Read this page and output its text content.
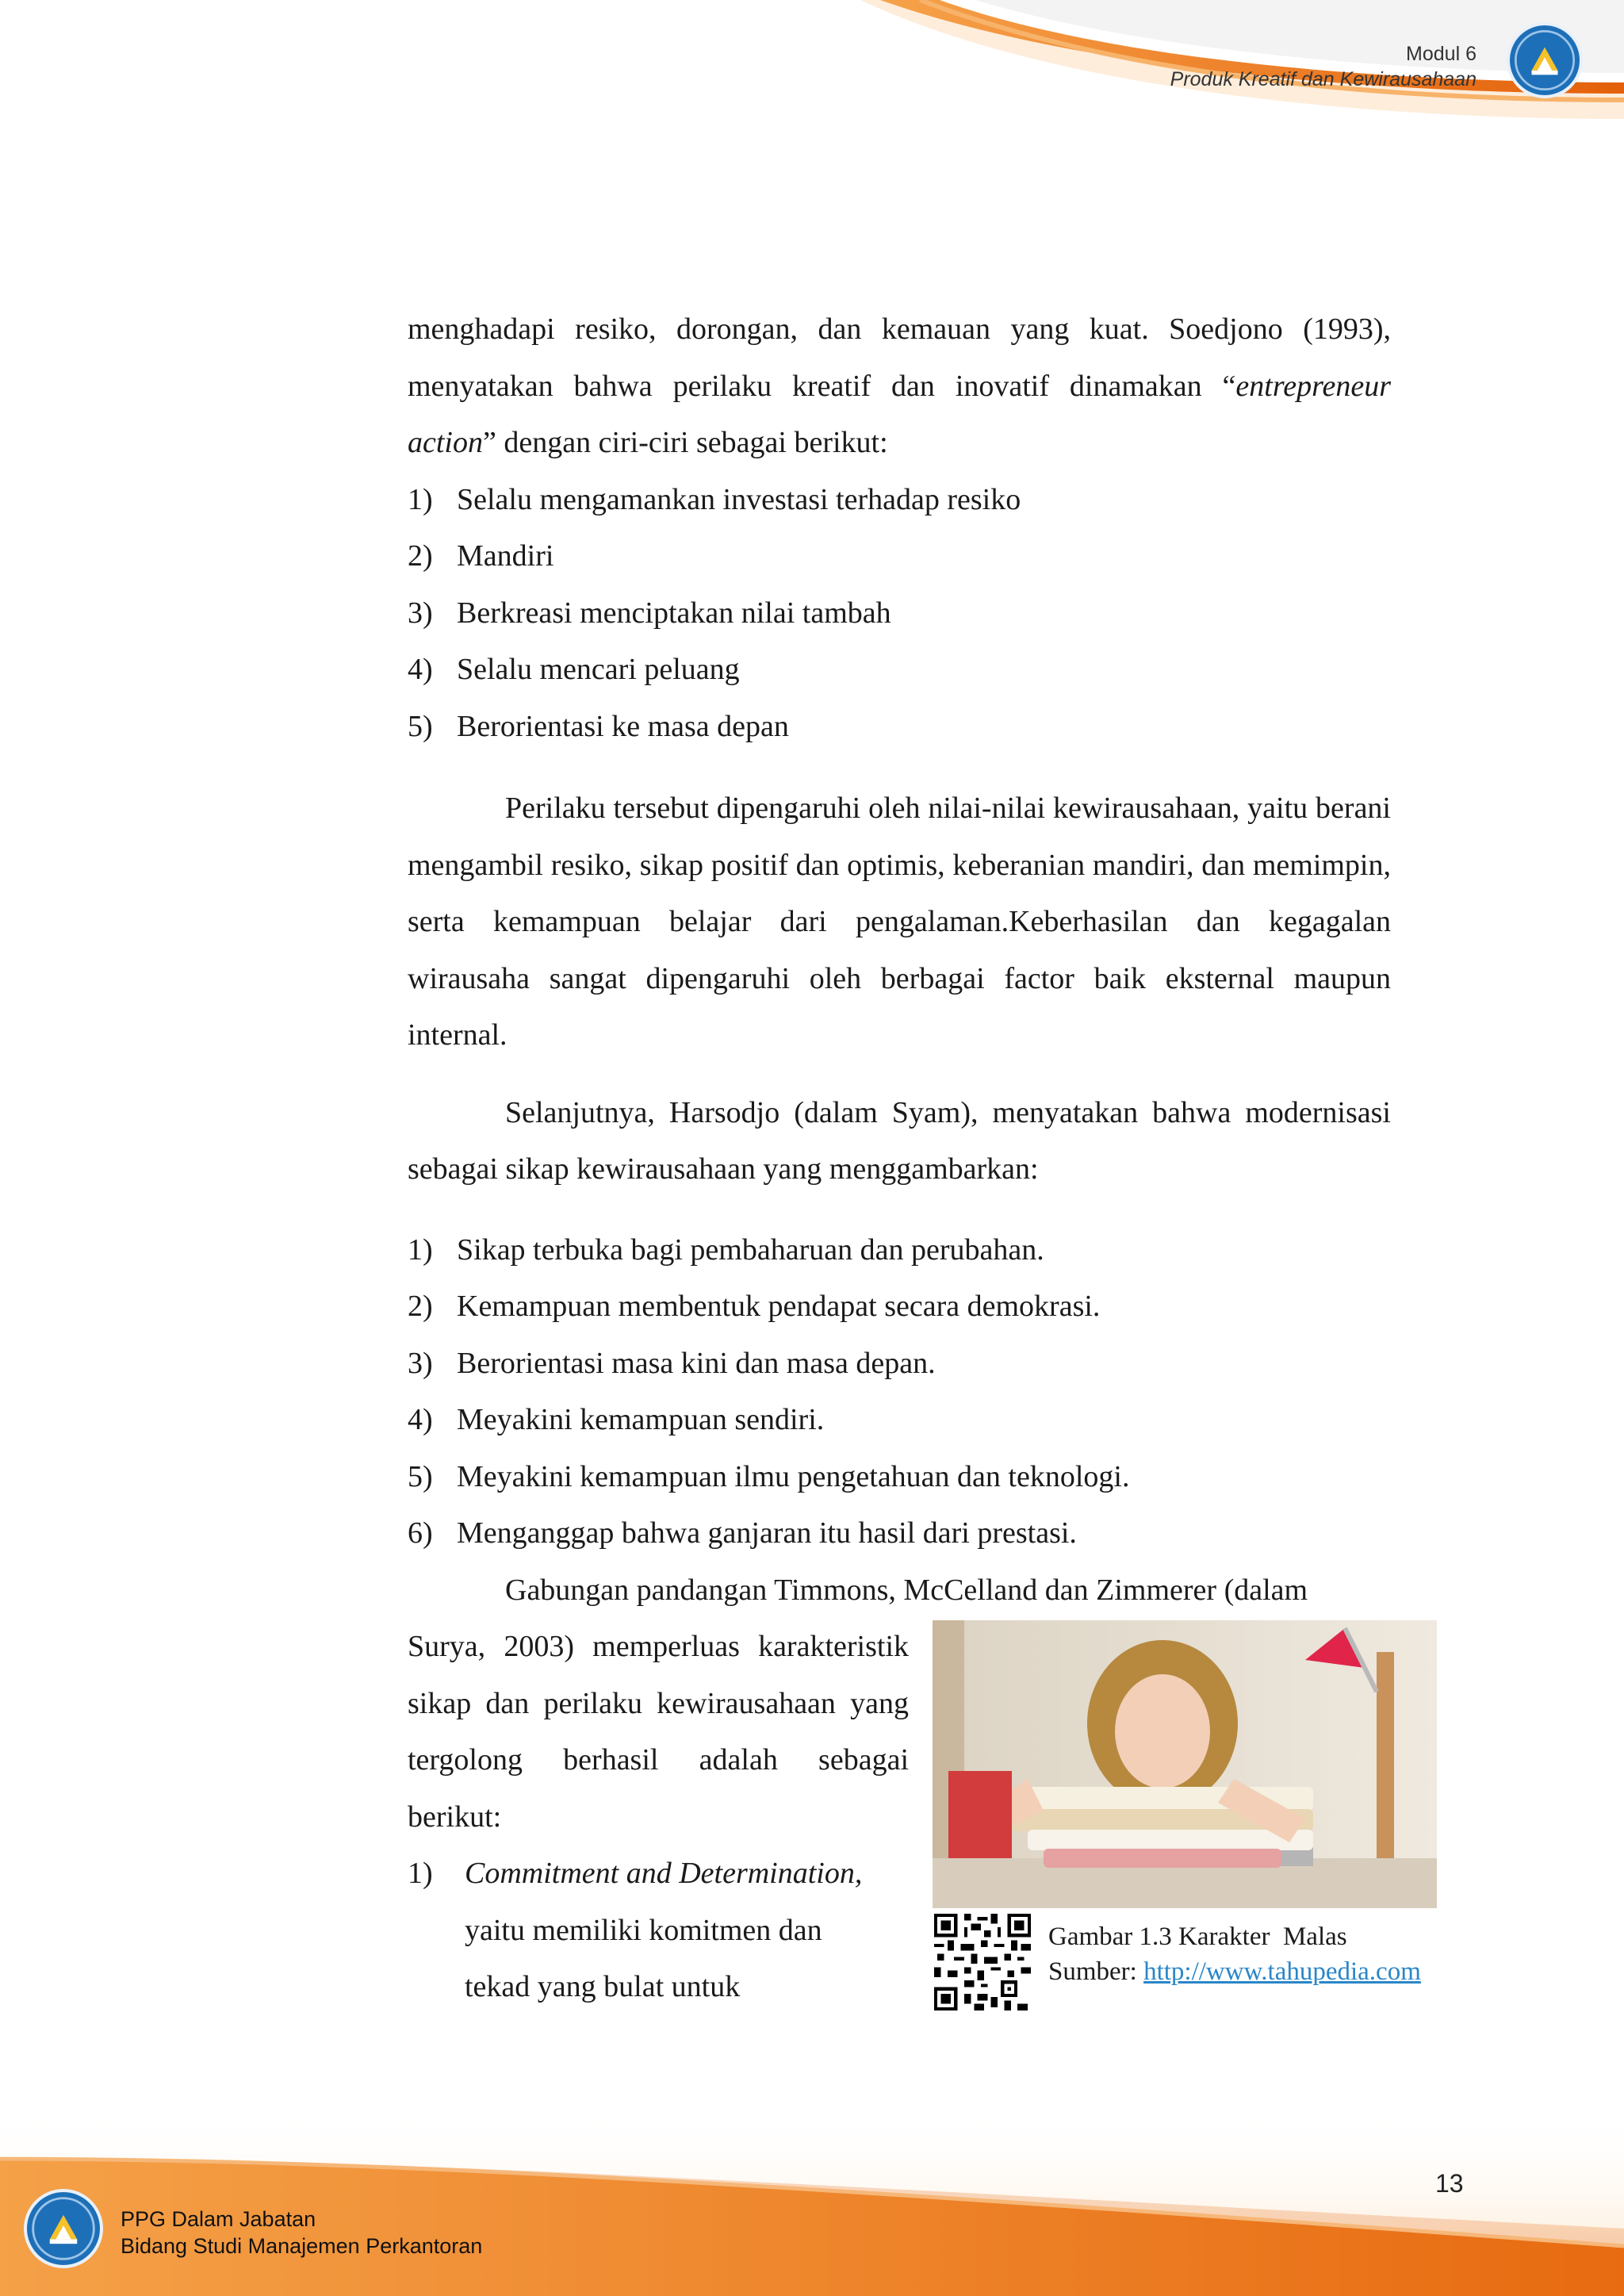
Modul 6
Produk Kreatif dan Kewirausahaan

menghadapi resiko, dorongan, dan kemauan yang kuat. Soedjono (1993),

menyatakan bahwa perilaku kreatif dan inovatif dinamakan “entrepreneur

action” dengan ciri-ciri sebagai berikut:

1) Selalu mengamankan investasi terhadap resiko
2) Mandiri
3) Berkreasi menciptakan nilai tambah
4) Selalu mencari peluang
5) Berorientasi ke masa depan

Perilaku tersebut dipengaruhi oleh nilai-nilai kewirausahaan, yaitu berani mengambil resiko, sikap positif dan optimis, keberanian mandiri, dan memimpin, serta kemampuan belajar dari pengalaman.Keberhasilan dan kegagalan wirausaha sangat dipengaruhi oleh berbagai factor baik eksternal maupun internal.

Selanjutnya, Harsodjo (dalam Syam), menyatakan bahwa modernisasi sebagai sikap kewirausahaan yang menggambarkan:

1) Sikap terbuka bagi pembaharuan dan perubahan.
2) Kemampuan membentuk pendapat secara demokrasi.
3) Berorientasi masa kini dan masa depan.
4) Meyakini kemampuan sendiri.
5) Meyakini kemampuan ilmu pengetahuan dan teknologi.
6) Menganggap bahwa ganjaran itu hasil dari prestasi.

Gabungan pandangan Timmons, McCelland dan Zimmerer (dalam

Surya, 2003) memperluas karakteristik sikap dan perilaku kewirausahaan yang tergolong berhasil adalah sebagai berikut:

1)	Commitment and Determination,
yaitu memiliki komitmen dan
tekad yang bulat untuk
Gambar 1.3 Karakter  Malas
Sumber: http://www.tahupedia.com
13
PPG Dalam Jabatan
Bidang Studi Manajemen Perkantoran
